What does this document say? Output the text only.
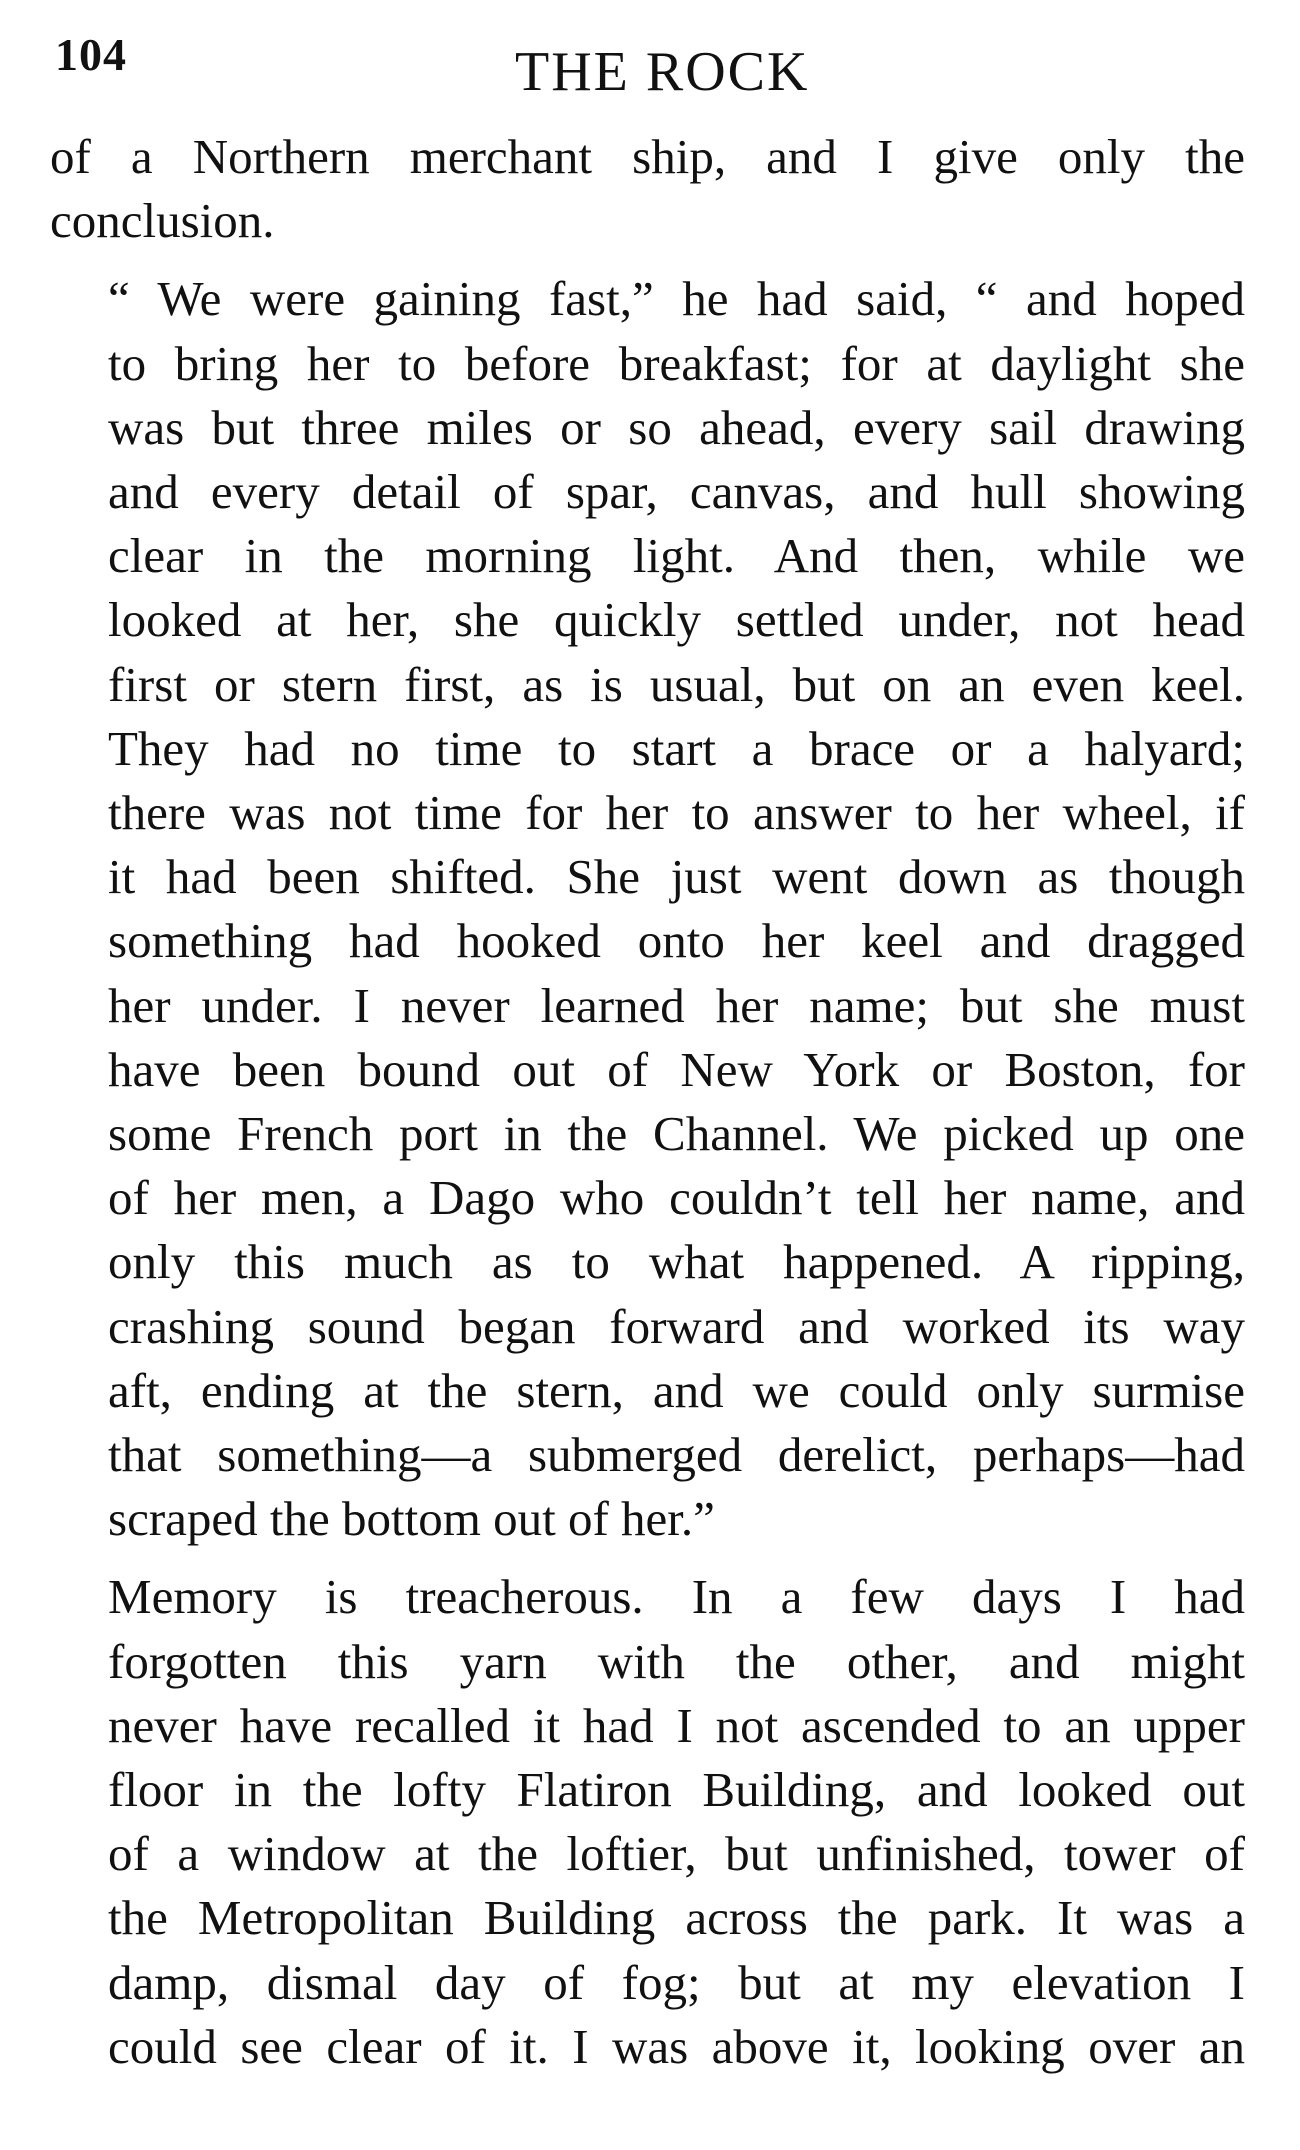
104	THE ROCK

of a Northern merchant ship, and I give only the
conclusion.

“ We were gaining fast,” he had said, “ and hoped
to bring her to before breakfast; for at daylight she
was but three miles or so ahead, every sail drawing
and every detail of spar, canvas, and hull showing
clear in the morning light. And then, while we
looked at her, she quickly settled under, not head
first or stern first, as is usual, but on an even keel.
They had no time to start a brace or a halyard;
there was not time for her to answer to her wheel, if
it had been shifted. She just went down as though
something had hooked onto her keel and dragged
her under. I never learned her name; but she must
have been bound out of New York or Boston, for
some French port in the Channel. We picked up one
of her men, a Dago who couldn’t tell her name, and
only this much as to what happened. A ripping,
crashing sound began forward and worked its way
aft, ending at the stern, and we could only surmise
that something—a submerged derelict, perhaps—had
scraped the bottom out of her.”

Memory is treacherous. In a few days I had
forgotten this yarn with the other, and might
never have recalled it had I not ascended to an upper
floor in the lofty Flatiron Building, and looked out
of a window at the loftier, but unfinished, tower of
the Metropolitan Building across the park. It was a
damp, dismal day of fog; but at my elevation I
could see clear of it. I was above it, looking over an
